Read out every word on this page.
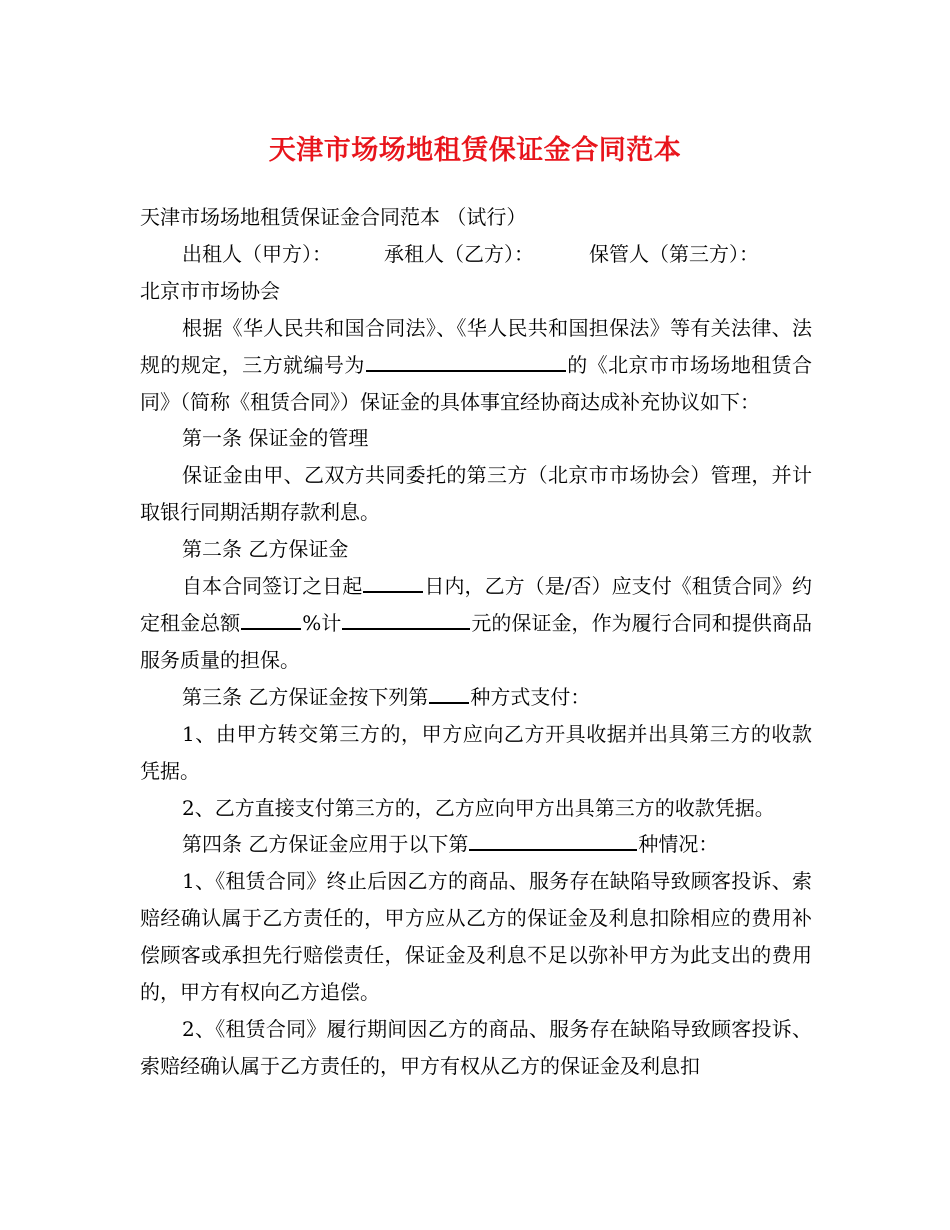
天津市场场地租赁保证金合同范本

天津市场场地租赁保证金合同范本 （试行）

出租人（甲方）：	承租人（乙方）：	保管人（第三方）：

北京市市场协会

根据《华人民共和国合同法》、《华人民共和国担保法》等有关法律、法规的规定，三方就编号为	的《北京市市场场地租赁合同》（简称《租赁合同》）保证金的具体事宜经协商达成补充协议如下：

第一条 保证金的管理

保证金由甲、乙双方共同委托的第三方（北京市市场协会）管理，并计取银行同期活期存款利息。

第二条 乙方保证金

自本合同签订之日起	日内，乙方（是/否）应支付《租赁合同》约定租金总额	%计	元的保证金，作为履行合同和提供商品服务质量的担保。

第三条 乙方保证金按下列第 种方式支付：

1、由甲方转交第三方的，甲方应向乙方开具收据并出具第三方的收款凭据。

2、乙方直接支付第三方的，乙方应向甲方出具第三方的收款凭据。

第四条 乙方保证金应用于以下第	种情况：

1、《租赁合同》终止后因乙方的商品、服务存在缺陷导致顾客投诉、索赔经确认属于乙方责任的，甲方应从乙方的保证金及利息扣除相应的费用补偿顾客或承担先行赔偿责任，保证金及利息不足以弥补甲方为此支出的费用的，甲方有权向乙方追偿。

2、《租赁合同》履行期间因乙方的商品、服务存在缺陷导致顾客投诉、索赔经确认属于乙方责任的，甲方有权从乙方的保证金及利息扣
